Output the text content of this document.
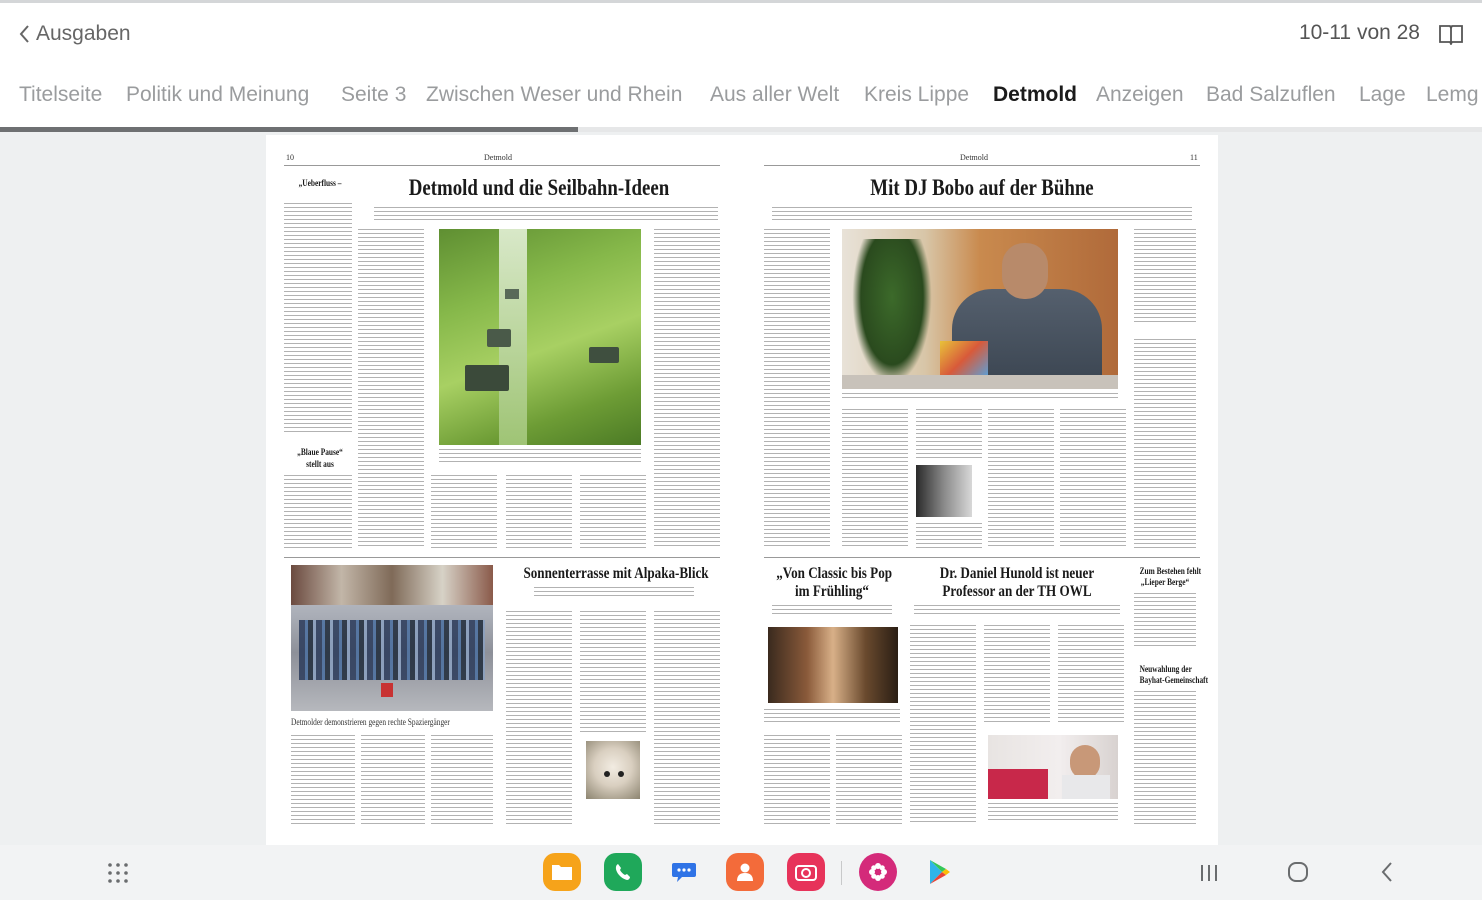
Ausgaben	10-11 von 28
Titelseite Politik und Meinung Seite 3 Zwischen Weser und Rhein Aus aller Welt Kreis Lippe Detmold Anzeigen Bad Salzuflen Lage Lemg
10	Detmold
„Ueberfluss –
„Blaue Pause“
stellt aus
Detmold und die Seilbahn-Ideen
Detmolder demonstrieren gegen rechte Spaziergänger
Sonnenterrasse mit Alpaka-Blick
Detmold	11
Mit DJ Bobo auf der Bühne
„Von Classic bis Pop
im Frühling“
Dr. Daniel Hunold ist neuer
Professor an der TH OWL
Zum Bestehen fehlt
„Lieper Berge“
Neuwahlung der
Bayhat-Gemeinschaft
